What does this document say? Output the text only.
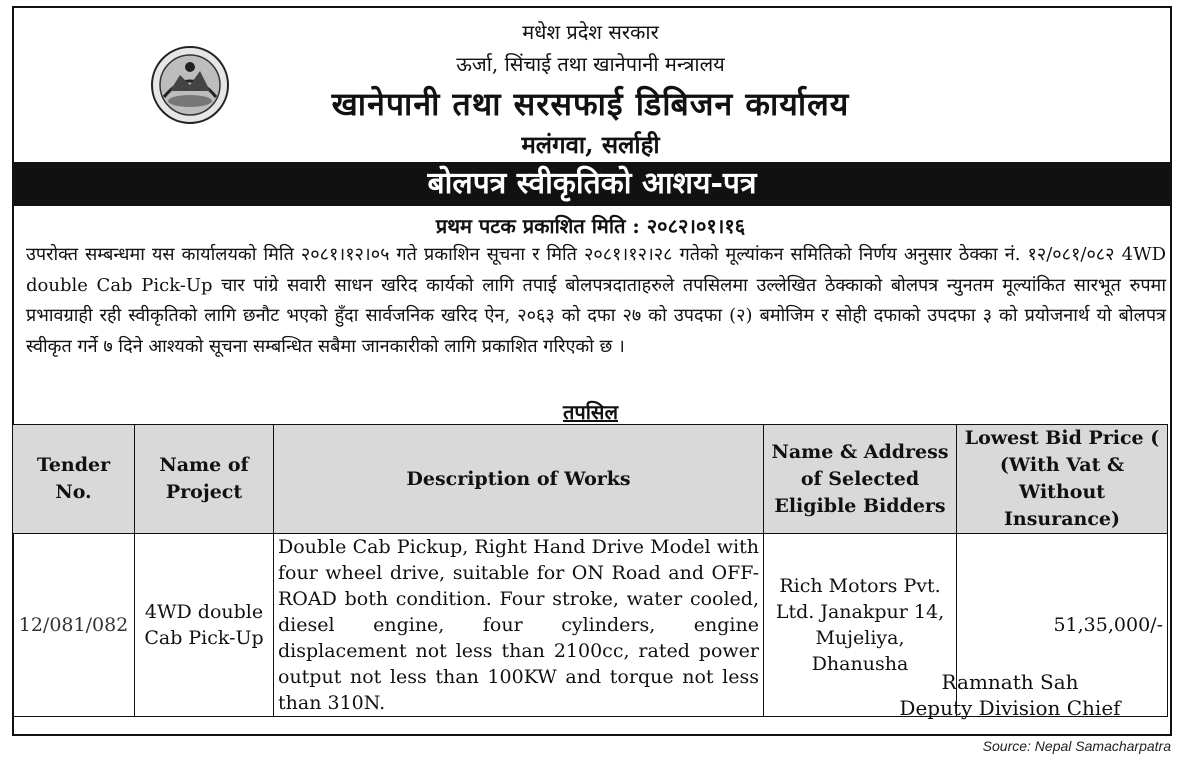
मधेश प्रदेश सरकार
ऊर्जा, सिंचाई तथा खानेपानी मन्त्रालय
खानेपानी तथा सरसफाई डिबिजन कार्यालय
मलंगवा, सर्लाही
बोलपत्र स्वीकृतिको आशय-पत्र
प्रथम पटक प्रकाशित मिति : २०८२।०१।१६
उपरोक्त सम्बन्धमा यस कार्यालयको मिति २०८१।१२।०५ गते प्रकाशिन सूचना र मिति २०८१।१२।२८ गतेको मूल्यांकन समितिको निर्णय अनुसार ठेक्का नं. १२/०८१/०८२ 4WD double Cab Pick-Up चार पांग्रे सवारी साधन खरिद कार्यको लागि तपाई बोलपत्रदाताहरुले तपसिलमा उल्लेखित ठेक्काको बोलपत्र न्युनतम मूल्यांकित सारभूत रुपमा प्रभावग्राही रही स्वीकृतिको लागि छनौट भएको हुँदा सार्वजनिक खरिद ऐन, २०६३ को दफा २७ को उपदफा (२) बमोजिम र सोही दफाको उपदफा ३ को प्रयोजनार्थ यो बोलपत्र स्वीकृत गर्ने ७ दिने आश्यको सूचना सम्बन्धित सबैमा जानकारीको लागि प्रकाशित गरिएको छ ।
तपसिल
Tender No.	Name of Project	Description of Works	Name & Address of Selected Eligible Bidders	Lowest Bid Price ( (With Vat & Without Insurance)
12/081/082	4WD double Cab Pick-Up	Double Cab Pickup, Right Hand Drive Model with four wheel drive, suitable for ON Road and OFF-ROAD both condition. Four stroke, water cooled, diesel engine, four cylinders, engine displacement not less than 2100cc, rated power output not less than 100KW and torque not less than 310N.	Rich Motors Pvt. Ltd. Janakpur 14, Mujeliya, Dhanusha	51,35,000/-
Ramnath Sah
Deputy Division Chief
Source: Nepal Samacharpatra
